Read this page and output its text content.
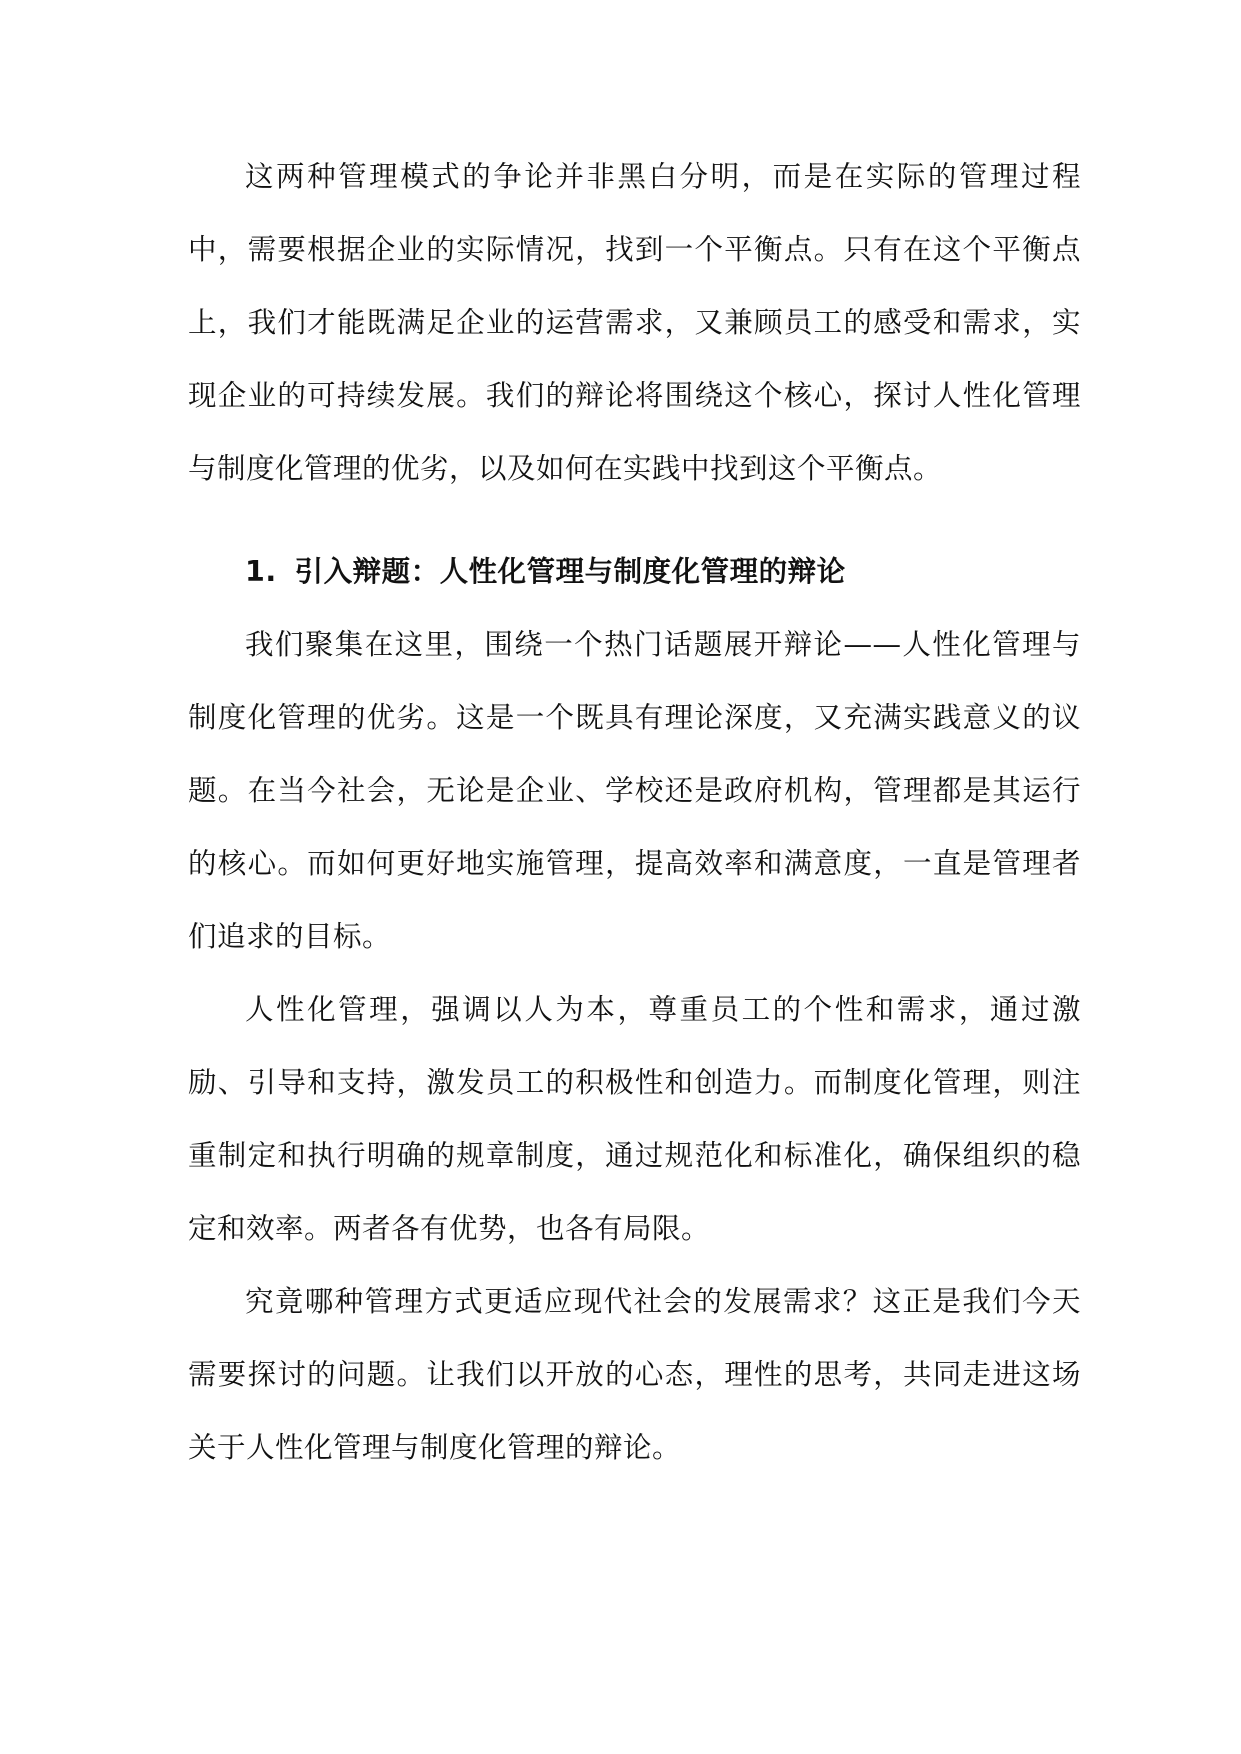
这两种管理模式的争论并非黑白分明，而是在实际的管理过程中，需要根据企业的实际情况，找到一个平衡点。只有在这个平衡点上，我们才能既满足企业的运营需求，又兼顾员工的感受和需求，实现企业的可持续发展。我们的辩论将围绕这个核心，探讨人性化管理与制度化管理的优劣，以及如何在实践中找到这个平衡点。

1. 引入辩题：人性化管理与制度化管理的辩论

我们聚集在这里，围绕一个热门话题展开辩论——人性化管理与制度化管理的优劣。这是一个既具有理论深度，又充满实践意义的议题。在当今社会，无论是企业、学校还是政府机构，管理都是其运行的核心。而如何更好地实施管理，提高效率和满意度，一直是管理者们追求的目标。

人性化管理，强调以人为本，尊重员工的个性和需求，通过激励、引导和支持，激发员工的积极性和创造力。而制度化管理，则注重制定和执行明确的规章制度，通过规范化和标准化，确保组织的稳定和效率。两者各有优势，也各有局限。

究竟哪种管理方式更适应现代社会的发展需求？这正是我们今天需要探讨的问题。让我们以开放的心态，理性的思考，共同走进这场关于人性化管理与制度化管理的辩论。
